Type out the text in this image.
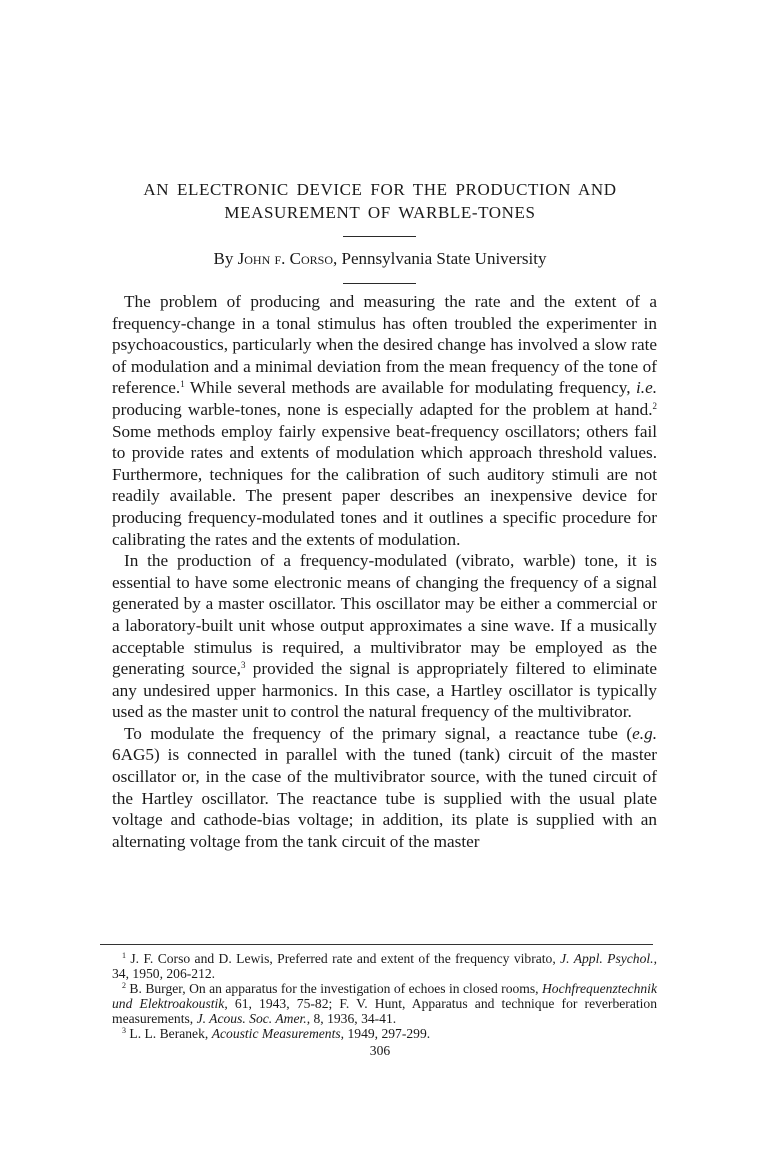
AN ELECTRONIC DEVICE FOR THE PRODUCTION AND
MEASUREMENT OF WARBLE-TONES

By John f. Corso, Pennsylvania State University

The problem of producing and measuring the rate and the extent of a frequency-change in a tonal stimulus has often troubled the experimenter in psychoacoustics, particularly when the desired change has involved a slow rate of modulation and a minimal deviation from the mean frequency of the tone of reference.$^1$ While several methods are available for modulating frequency, i.e. producing warble-tones, none is especially adapted for the problem at hand.$^2$ Some methods employ fairly expensive beat-frequency oscillators; others fail to provide rates and extents of modulation which approach threshold values. Furthermore, techniques for the calibration of such auditory stimuli are not readily available. The present paper describes an inexpensive device for producing frequency-modulated tones and it outlines a specific procedure for calibrating the rates and the extents of modulation.

In the production of a frequency-modulated (vibrato, warble) tone, it is essential to have some electronic means of changing the frequency of a signal generated by a master oscillator. This oscillator may be either a commercial or a laboratory-built unit whose output approximates a sine wave. If a musically acceptable stimulus is required, a multivibrator may be employed as the generating source,$^3$ provided the signal is appropriately filtered to eliminate any undesired upper harmonics. In this case, a Hartley oscillator is typically used as the master unit to control the natural frequency of the multivibrator.

To modulate the frequency of the primary signal, a reactance tube (e.g. 6AG5) is connected in parallel with the tuned (tank) circuit of the master oscillator or, in the case of the multivibrator source, with the tuned circuit of the Hartley oscillator. The reactance tube is supplied with the usual plate voltage and cathode-bias voltage; in addition, its plate is supplied with an alternating voltage from the tank circuit of the master

$^1$ J. F. Corso and D. Lewis, Preferred rate and extent of the frequency vibrato, J. Appl. Psychol., 34, 1950, 206-212.

$^2$ B. Burger, On an apparatus for the investigation of echoes in closed rooms, Hochfrequenztechnik und Elektroakoustik, 61, 1943, 75-82; F. V. Hunt, Apparatus and technique for reverberation measurements, J. Acous. Soc. Amer., 8, 1936, 34-41.

$^3$ L. L. Beranek, Acoustic Measurements, 1949, 297-299.

306
